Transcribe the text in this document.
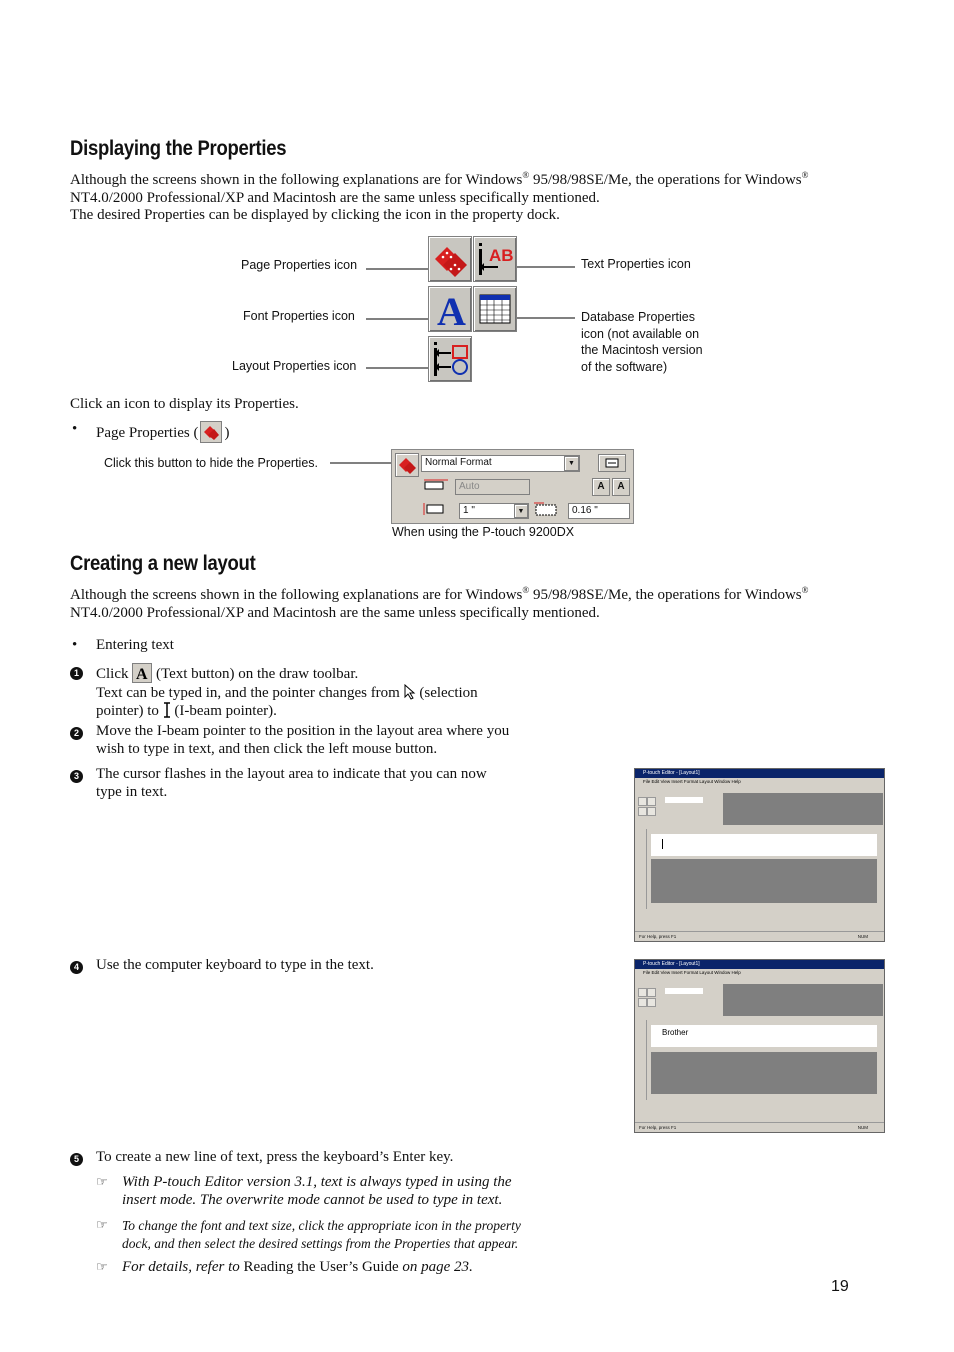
Displaying the Properties
Although the screens shown in the following explanations are for Windows® 95/98/98SE/Me, the operations for Windows®
NT4.0/2000 Professional/XP and Macintosh are the same unless specifically mentioned.
The desired Properties can be displayed by clicking the icon in the property dock.
Page Properties icon
Font Properties icon
Layout Properties icon
Text Properties icon
Database Properties
icon (not available on
the Macintosh version
of the software)
AB
A
Click an icon to display its Properties.
• Page Properties ( )
Click this button to hide the Properties.	Normal Format	▼
Auto	A	A
1 "	▼	0.16 "
When using the P-touch 9200DX
Creating a new layout
Although the screens shown in the following explanations are for Windows® 95/98/98SE/Me, the operations for Windows®
NT4.0/2000 Professional/XP and Macintosh are the same unless specifically mentioned.
• Entering text
1 Click A (Text button) on the draw toolbar.
Text can be typed in, and the pointer changes from (selection
pointer) to (I-beam pointer).
2 Move the I-beam pointer to the position in the layout area where you
wish to type in text, and then click the left mouse button.
3 The cursor flashes in the layout area to indicate that you can now
type in text.
P-touch Editor - [Layout1]
File Edit View Insert Format Layout Window Help
For Help, press F1	NUM
4 Use the computer keyboard to type in the text.	P-touch Editor - [Layout1]
File Edit View Insert Format Layout Window Help
Brother
For Help, press F1	NUM
5 To create a new line of text, press the keyboard’s Enter key.
☞ With P-touch Editor version 3.1, text is always typed in using the
insert mode. The overwrite mode cannot be used to type in text.
☞ To change the font and text size, click the appropriate icon in the property
dock, and then select the desired settings from the Properties that appear.
☞ For details, refer to Reading the User’s Guide on page 23.
19
